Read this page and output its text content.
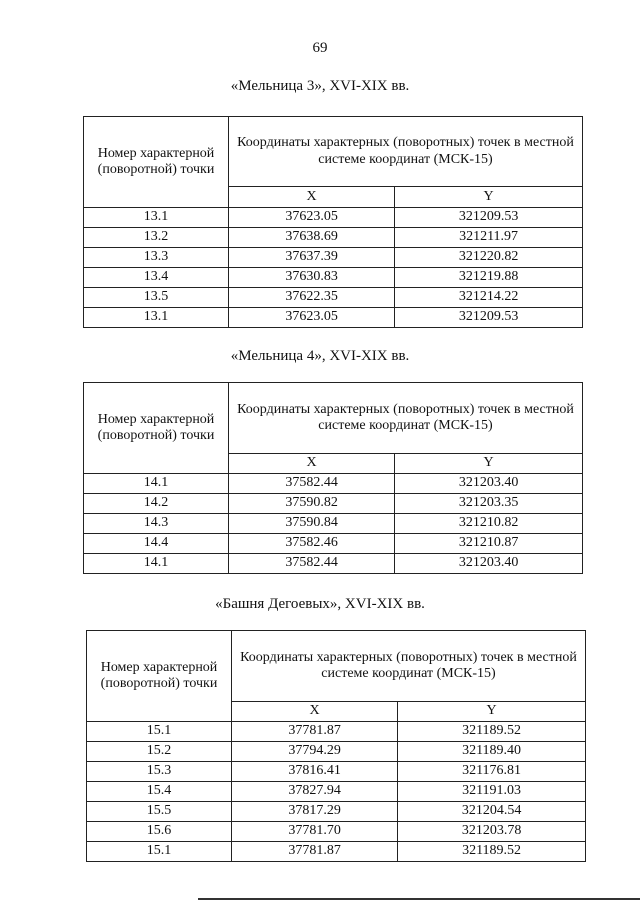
69
«Мельница 3», XVI-XIX вв.
Номер характерной (поворотной) точки	Координаты характерных (поворотных) точек в местной системе координат (МСК-15)	
	X	Y
13.1	37623.05	321209.53
13.2	37638.69	321211.97
13.3	37637.39	321220.82
13.4	37630.83	321219.88
13.5	37622.35	321214.22
13.1	37623.05	321209.53
«Мельница 4», XVI-XIX вв.
Номер характерной (поворотной) точки	Координаты характерных (поворотных) точек в местной системе координат (МСК-15)	
	X	Y
14.1	37582.44	321203.40
14.2	37590.82	321203.35
14.3	37590.84	321210.82
14.4	37582.46	321210.87
14.1	37582.44	321203.40
«Башня Дегоевых», XVI-XIX вв.
Номер характерной (поворотной) точки	Координаты характерных (поворотных) точек в местной системе координат (МСК-15)	
	X	Y
15.1	37781.87	321189.52
15.2	37794.29	321189.40
15.3	37816.41	321176.81
15.4	37827.94	321191.03
15.5	37817.29	321204.54
15.6	37781.70	321203.78
15.1	37781.87	321189.52
